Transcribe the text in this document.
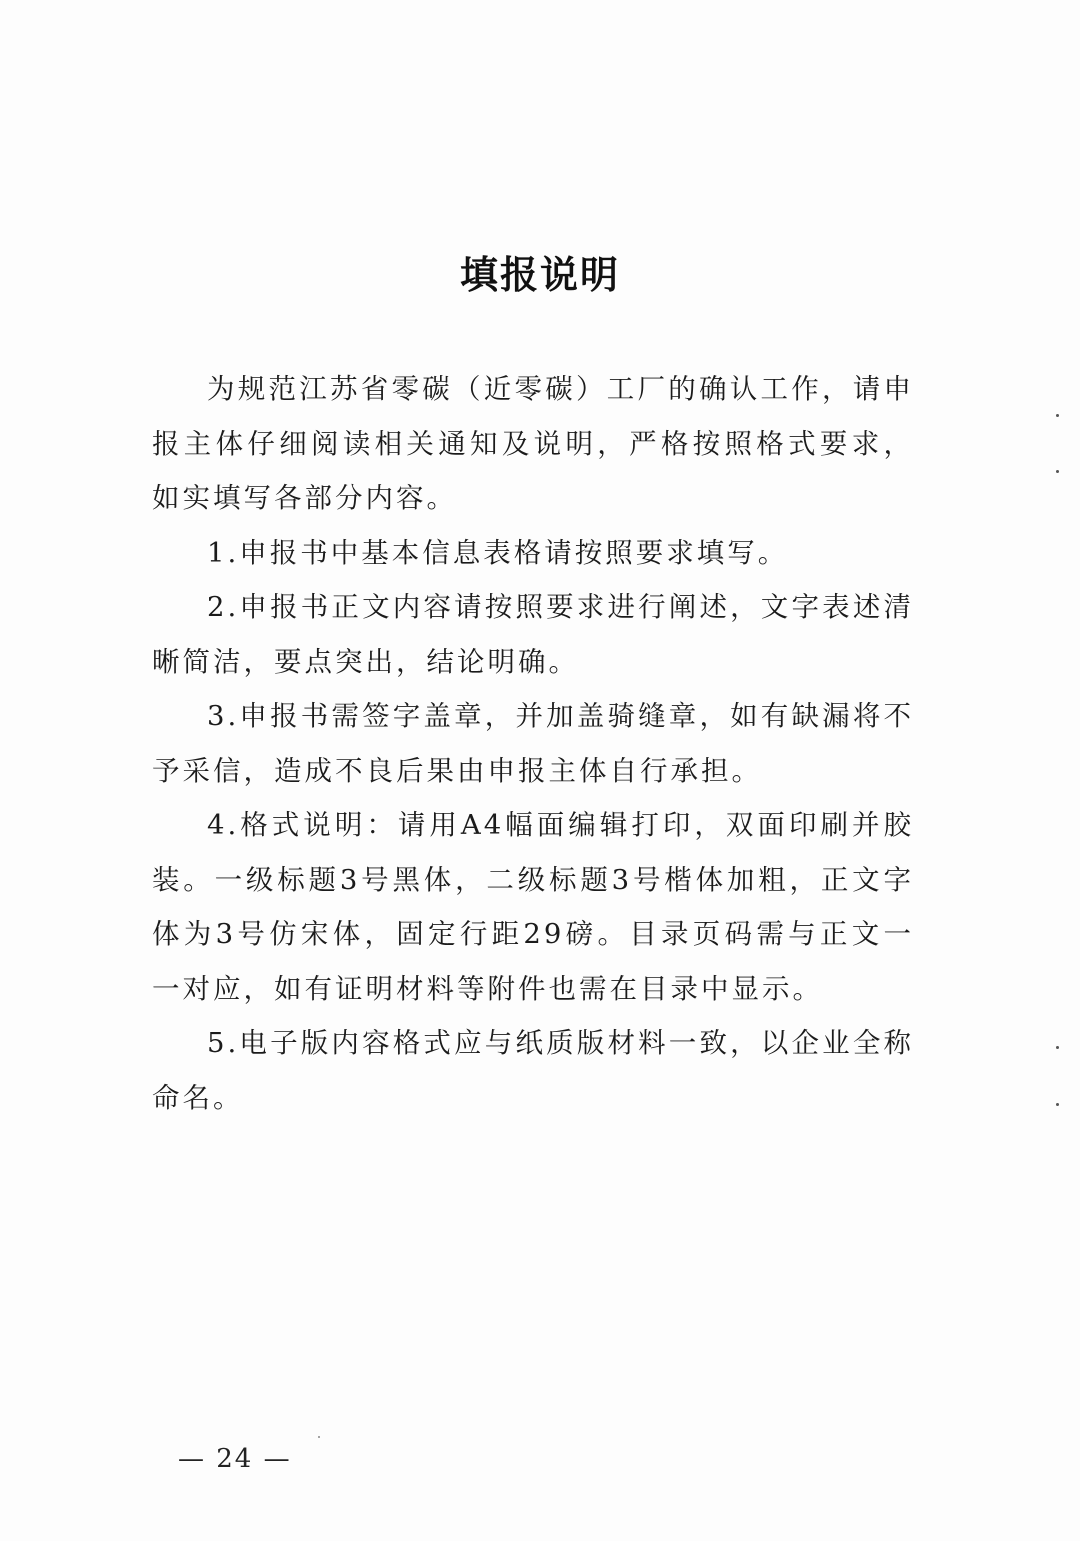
填报说明

为规范江苏省零碳（近零碳）工厂的确认工作，请申报主体仔细阅读相关通知及说明，严格按照格式要求，如实填写各部分内容。

1.申报书中基本信息表格请按照要求填写。

2.申报书正文内容请按照要求进行阐述，文字表述清晰简洁，要点突出，结论明确。

3.申报书需签字盖章，并加盖骑缝章，如有缺漏将不予采信，造成不良后果由申报主体自行承担。

4.格式说明：请用A4幅面编辑打印，双面印刷并胶装。一级标题3号黑体，二级标题3号楷体加粗，正文字体为3号仿宋体，固定行距29磅。目录页码需与正文一一对应，如有证明材料等附件也需在目录中显示。

5.电子版内容格式应与纸质版材料一致，以企业全称命名。

— 24 —
